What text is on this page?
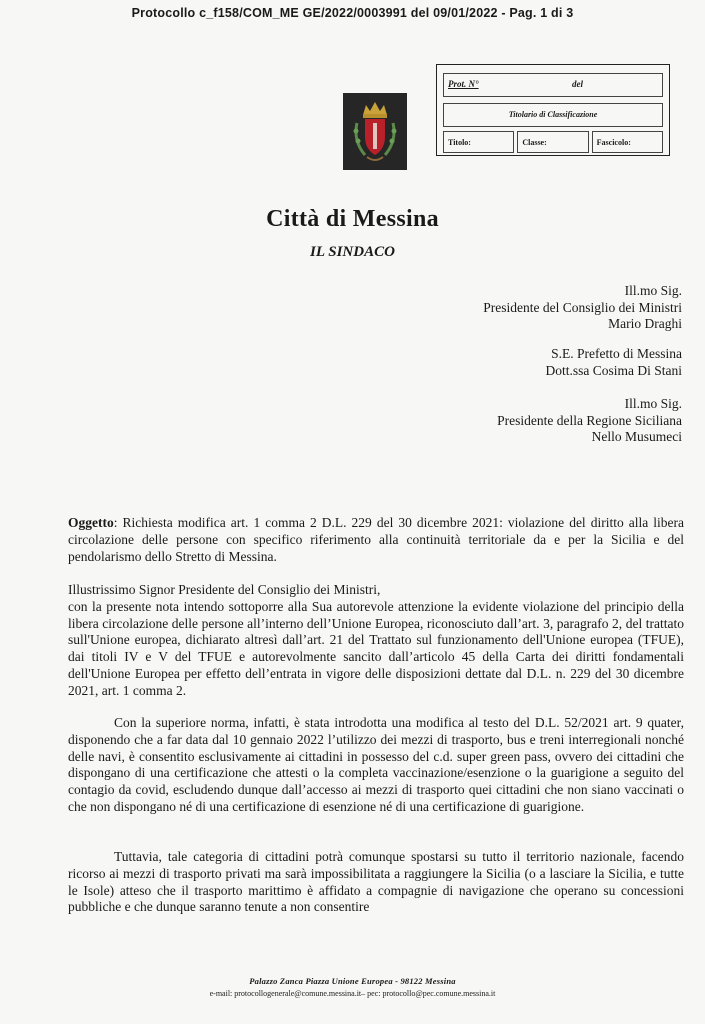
Protocollo c_f158/COM_ME GE/2022/0003991 del 09/01/2022 - Pag. 1 di 3
Prot. N°	del
Titolario di Classificazione
Titolo:	Classe:	Fascicolo:
Città di Messina
IL SINDACO
Ill.mo Sig.
Presidente del Consiglio dei Ministri
Mario Draghi
S.E. Prefetto di Messina
Dott.ssa Cosima Di Stani
Ill.mo Sig.
Presidente della Regione Siciliana
Nello Musumeci

Oggetto: Richiesta modifica art. 1 comma 2 D.L. 229 del 30 dicembre 2021: violazione del diritto alla libera circolazione delle persone con specifico riferimento alla continuità territoriale da e per la Sicilia e del pendolarismo dello Stretto di Messina.

Illustrissimo Signor Presidente del Consiglio dei Ministri,

con la presente nota intendo sottoporre alla Sua autorevole attenzione la evidente violazione del principio della libera circolazione delle persone all’interno dell’Unione Europea, riconosciuto dall’art. 3, paragrafo 2, del trattato sull'Unione europea, dichiarato altresì dall’art. 21 del Trattato sul funzionamento dell'Unione europea (TFUE), dai titoli IV e V del TFUE e autorevolmente sancito dall’articolo 45 della Carta dei diritti fondamentali dell'Unione Europea per effetto dell’entrata in vigore delle disposizioni dettate dal D.L. n. 229 del 30 dicembre 2021, art. 1 comma 2.

Con la superiore norma, infatti, è stata introdotta una modifica al testo del D.L. 52/2021 art. 9 quater, disponendo che a far data dal 10 gennaio 2022 l’utilizzo dei mezzi di trasporto, bus e treni interregionali nonché delle navi, è consentito esclusivamente ai cittadini in possesso del c.d. super green pass, ovvero dei cittadini che dispongano di una certificazione che attesti o la completa vaccinazione/esenzione o la guarigione a seguito del contagio da covid, escludendo dunque dall’accesso ai mezzi di trasporto quei cittadini che non siano vaccinati o che non dispongano né di una certificazione di esenzione né di una certificazione di guarigione.

Tuttavia, tale categoria di cittadini potrà comunque spostarsi su tutto il territorio nazionale, facendo ricorso ai mezzi di trasporto privati ma sarà impossibilitata a raggiungere la Sicilia (o a lasciare la Sicilia, e tutte le Isole) atteso che il trasporto marittimo è affidato a compagnie di navigazione che operano su concessioni pubbliche e che dunque saranno tenute a non consentire

Palazzo Zanca Piazza Unione Europea - 98122 Messina
e-mail: protocollogenerale@comune.messina.it– pec: protocollo@pec.comune.messina.it
